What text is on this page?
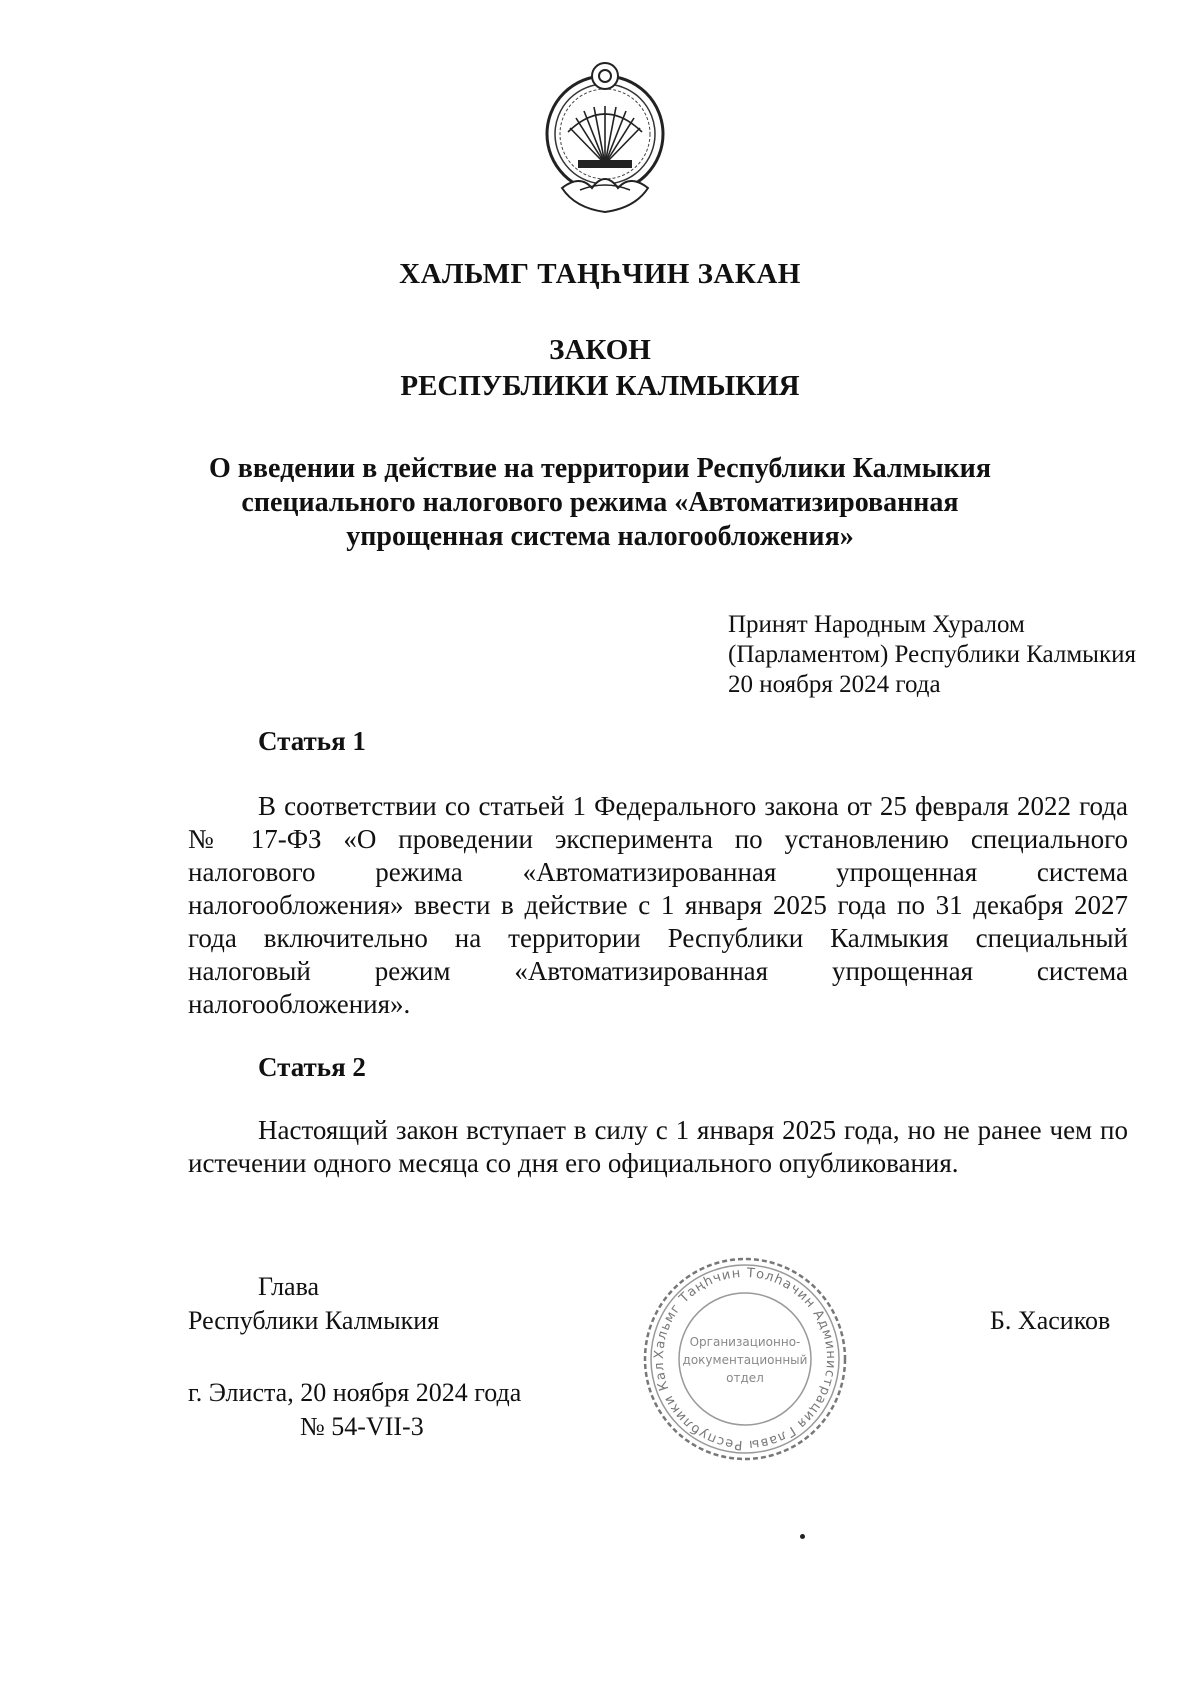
ХАЛЬМГ ТАҢҺЧИН ЗАКАН
ЗАКОН
РЕСПУБЛИКИ КАЛМЫКИЯ
О введении в действие на территории Республики Калмыкия
специального налогового режима «Автоматизированная
упрощенная система налогообложения»
Принят Народным Хуралом
(Парламентом) Республики Калмыкия
20 ноября 2024 года
Статья 1

В соответствии со статьей 1 Федерального закона от 25 февраля 2022 года № 17-ФЗ «О проведении эксперимента по установлению специального налогового режима «Автоматизированная упрощенная система налогообложения» ввести в действие с 1 января 2025 года по 31 декабря 2027 года включительно на территории Республики Калмыкия специальный налоговый режим «Автоматизированная упрощенная система налогообложения».

Статья 2

Настоящий закон вступает в силу с 1 января 2025 года, но не ранее чем по истечении одного месяца со дня его официального опубликования.

Глава
Республики Калмыкия	Б. Хасиков
г. Элиста, 20 ноября 2024 года
№ 54-VII-3
Хальмг Таңһчин Толһачин Администрация Главы Республики Кал
Организационно-
документационный
отдел
